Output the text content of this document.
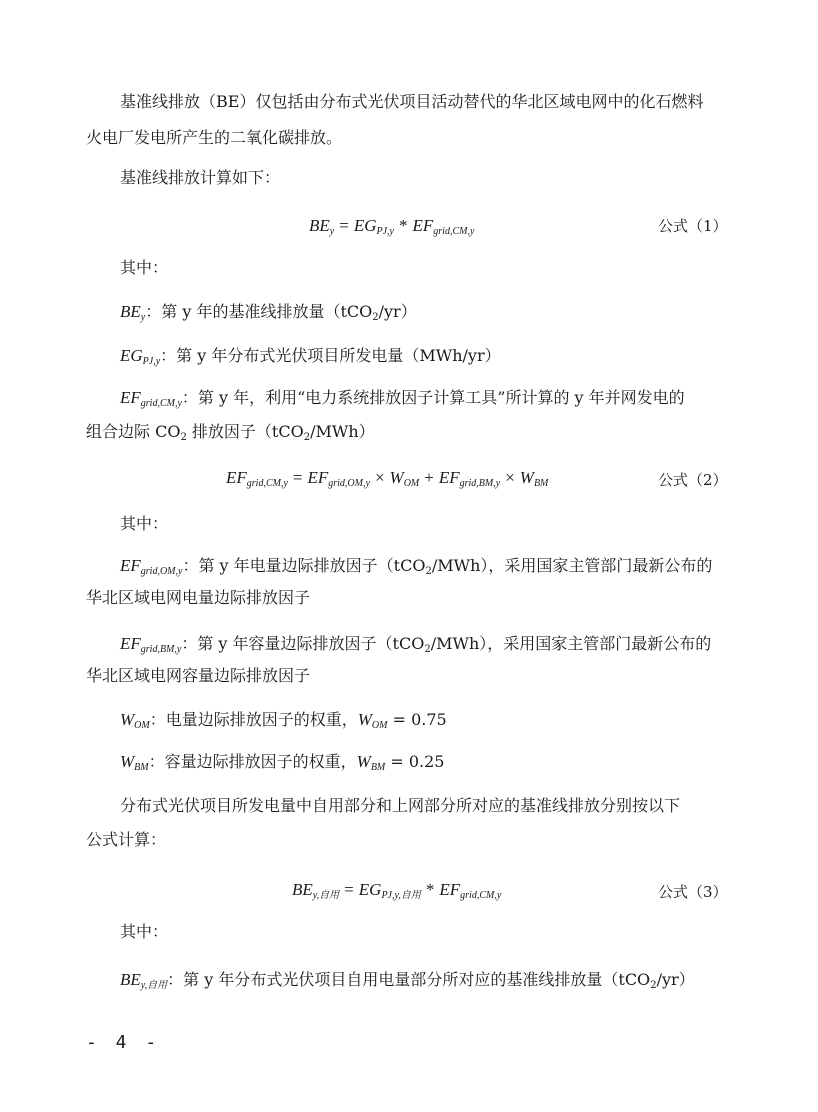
基准线排放（BE）仅包括由分布式光伏项目活动替代的华北区域电网中的化石燃料

火电厂发电所产生的二氧化碳排放。

基准线排放计算如下：

$BE_y = EG_{PJ,y} * EF_{grid,CM,y}$	公式（1）

其中：

$BE_y$：第 y 年的基准线排放量（tCO$_2$/yr）

$EG_{PJ,y}$：第 y 年分布式光伏项目所发电量（MWh/yr）

$EF_{grid,CM,y}$：第 y 年，利用“电力系统排放因子计算工具”所计算的 y 年并网发电的

组合边际 $CO_2$ 排放因子（tCO$_2$/MWh）

$EF_{grid,CM,y} = EF_{grid,OM,y} \times W_{OM} + EF_{grid,BM,y} \times W_{BM}$	公式（2）

其中：

$EF_{grid,OM,y}$：第 y 年电量边际排放因子（tCO$_2$/MWh），采用国家主管部门最新公布的

华北区域电网电量边际排放因子

$EF_{grid,BM,y}$：第 y 年容量边际排放因子（tCO$_2$/MWh），采用国家主管部门最新公布的

华北区域电网容量边际排放因子

$W_{OM}$：电量边际排放因子的权重，$W_{OM} = 0.75$

$W_{BM}$：容量边际排放因子的权重，$W_{BM} = 0.25$

分布式光伏项目所发电量中自用部分和上网部分所对应的基准线排放分别按以下

公式计算：

$BE_{y,自用} = EG_{PJ,y,自用} * EF_{grid,CM,y}$	公式（3）

其中：

$BE_{y,自用}$：第 y 年分布式光伏项目自用电量部分所对应的基准线排放量（tCO$_2$/yr）

- 4 -
